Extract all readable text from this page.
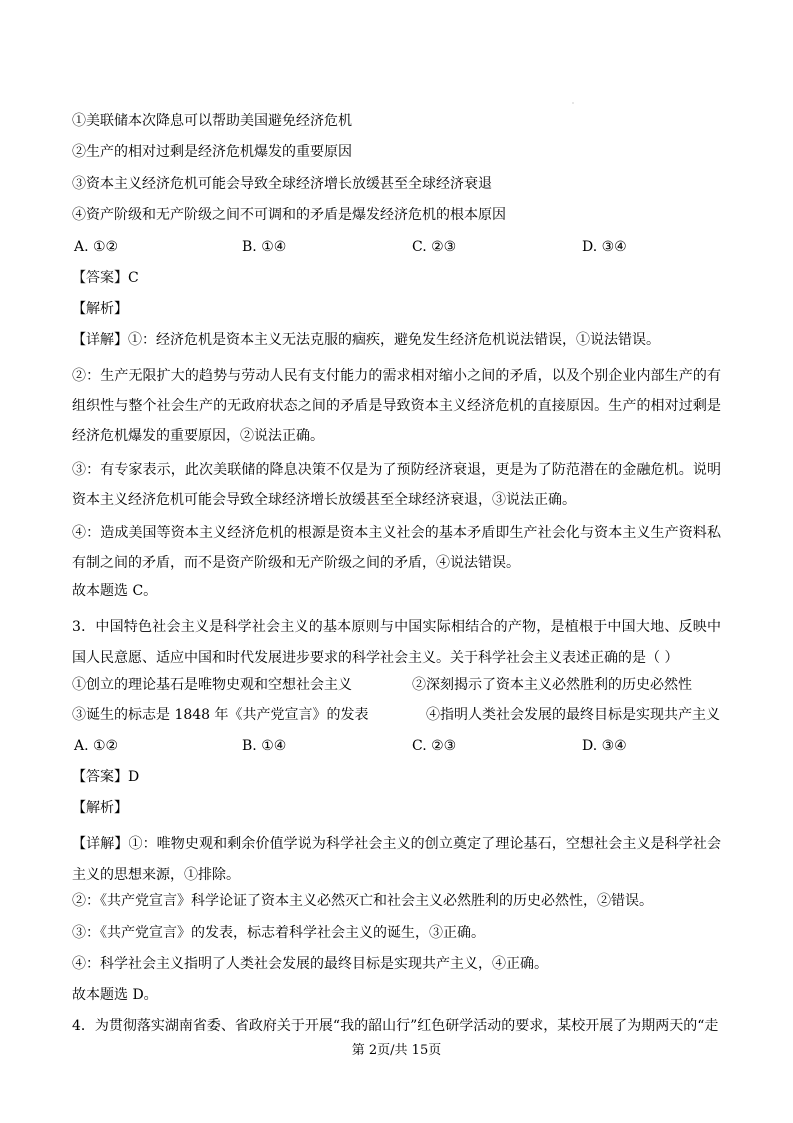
①美联储本次降息可以帮助美国避免经济危机
②生产的相对过剩是经济危机爆发的重要原因
③资本主义经济危机可能会导致全球经济增长放缓甚至全球经济衰退
④资产阶级和无产阶级之间不可调和的矛盾是爆发经济危机的根本原因
A. ①②	B. ①④	C. ②③	D. ③④
【答案】C
【解析】
【详解】①：经济危机是资本主义无法克服的痼疾，避免发生经济危机说法错误，①说法错误。
②：生产无限扩大的趋势与劳动人民有支付能力的需求相对缩小之间的矛盾，以及个别企业内部生产的有组织性与整个社会生产的无政府状态之间的矛盾是导致资本主义经济危机的直接原因。生产的相对过剩是经济危机爆发的重要原因，②说法正确。
③：有专家表示，此次美联储的降息决策不仅是为了预防经济衰退，更是为了防范潜在的金融危机。说明资本主义经济危机可能会导致全球经济增长放缓甚至全球经济衰退，③说法正确。
④：造成美国等资本主义经济危机的根源是资本主义社会的基本矛盾即生产社会化与资本主义生产资料私有制之间的矛盾，而不是资产阶级和无产阶级之间的矛盾，④说法错误。
故本题选 C。
3．中国特色社会主义是科学社会主义的基本原则与中国实际相结合的产物，是植根于中国大地、反映中国人民意愿、适应中国和时代发展进步要求的科学社会主义。关于科学社会主义表述正确的是（ ）
①创立的理论基石是唯物史观和空想社会主义	②深刻揭示了资本主义必然胜利的历史必然性
③诞生的标志是 1848 年《共产党宣言》的发表	④指明人类社会发展的最终目标是实现共产主义
A. ①②	B. ①④	C. ②③	D. ③④
【答案】D
【解析】
【详解】①：唯物史观和剩余价值学说为科学社会主义的创立奠定了理论基石，空想社会主义是科学社会主义的思想来源，①排除。
②：《共产党宣言》科学论证了资本主义必然灭亡和社会主义必然胜利的历史必然性，②错误。
③：《共产党宣言》的发表，标志着科学社会主义的诞生，③正确。
④：科学社会主义指明了人类社会发展的最终目标是实现共产主义，④正确。
故本题选 D。
4．为贯彻落实湖南省委、省政府关于开展“我的韶山行”红色研学活动的要求，某校开展了为期两天的“走
第 2页/共 15页
